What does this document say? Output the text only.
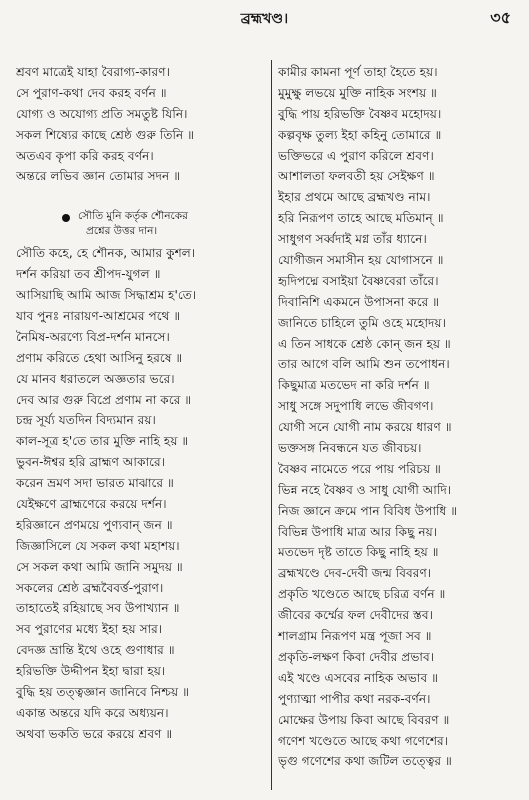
ব্রহ্মখণ্ড।	৩৫
শ্রবণ মাত্রেই যাহা বৈরাগ্য-কারণ।
সে পুরাণ-কথা দেব করহ বর্ণন ॥
যোগ্য ও অযোগ্য প্রতি সমতুষ্ট যিনি।
সকল শিষ্যের কাছে শ্রেষ্ঠ গুরু তিনি ॥
অতএব কৃপা করি করহ বর্ণন।
অন্তরে লভিব জ্ঞান তোমার সদন ॥
সৌতি মুনি কর্তৃক শৌনকের
প্রশ্নের উত্তর দান।
সৌতি কহে, হে শৌনক, আমার কুশল।
দর্শন করিয়া তব শ্রীপদ-যুগল ॥
আসিয়াছি আমি আজ সিদ্ধাশ্রম হ'তে।
যাব পুনঃ নারায়ণ-আশ্রমের পথে ॥
নৈমিষ-অরণ্যে বিপ্র-দর্শন মানসে।
প্রণাম করিতে হেথা আসিনু হরষে ॥
যে মানব ধরাতলে অজ্ঞতার ভরে।
দেব আর গুরু বিপ্রে প্রণাম না করে ॥
চন্দ্র সূর্য্য যতদিন বিদ্যমান রয়।
কাল-সূত্র হ'তে তার মুক্তি নাহি হয় ॥
ভুবন-ঈশ্বর হরি ব্রাহ্মণ আকারে।
করেন ভ্রমণ সদা ভারত মাঝারে ॥
যেইক্ষণে ব্রাহ্মণেরে করয়ে দর্শন।
হরিজ্ঞানে প্রণময়ে পুণ্যবান্ জন ॥
জিজ্ঞাসিলে যে সকল কথা মহাশয়।
সে সকল কথা আমি জানি সমুদয় ॥
সকলের শ্রেষ্ঠ ব্রহ্মবৈবর্ত্ত-পুরাণ।
তাহাতেই রহিয়াছে সব উপাখ্যান ॥
সব পুরাণের মধ্যে ইহা হয় সার।
বেদজ্ঞ ভ্রান্তি ইথে ওহে গুণাধার ॥
হরিভক্তি উদ্দীপন ইহা দ্বারা হয়।
বুদ্ধি হয় তত্ত্বজ্ঞান জানিবে নিশ্চয় ॥
একান্ত অন্তরে যদি করে অধ্যয়ন।
অথবা ভকতি ভরে করয়ে শ্রবণ ॥
কামীর কামনা পূর্ণ তাহা হৈতে হয়।
মুমুক্ষু লভয়ে মুক্তি নাহিক সংশয় ॥
বুদ্ধি পায় হরিভক্তি বৈষ্ণব মহোদয়।
কল্পবৃক্ষ তুল্য ইহা কহিনু তোমারে ॥
ভক্তিভরে এ পুরাণ করিলে শ্রবণ।
আশালতা ফলবতী হয় সেইক্ষণ ॥
ইহার প্রথমে আছে ব্রহ্মখণ্ড নাম।
হরি নিরূপণ তাহে আছে মতিমান্ ॥
সাধুগণ সর্ব্বদাই মগ্ন তাঁর ধ্যানে।
যোগীজন সমাসীন হয় যোগাসনে ॥
হৃদিপদ্মে বসাইয়া বৈষ্ণবেরা তাঁরে।
দিবানিশি একমনে উপাসনা করে ॥
জানিতে চাহিলে তুমি ওহে মহোদয়।
এ তিন সাধকে শ্রেষ্ঠ কোন্ জন হয় ॥
তার আগে বলি আমি শুন তপোধন।
কিছুমাত্র মতভেদ না করি দর্শন ॥
সাধু সঙ্গে সদুপাধি লভে জীবগণ।
যোগী সনে যোগী নাম করয়ে ধারণ ॥
ভক্তসঙ্গ নিবন্ধনে যত জীবচয়।
বৈষ্ণব নামেতে পরে পায় পরিচয় ॥
ভিন্ন নহে বৈষ্ণব ও সাধু যোগী আদি।
নিজ জ্ঞানে ক্রমে পান বিবিধ উপাধি ॥
বিভিন্ন উপাধি মাত্র আর কিছু নয়।
মতভেদ দৃষ্ট তাতে কিছু নাহি হয় ॥
ব্রহ্মখণ্ডে দেব-দেবী জন্ম বিবরণ।
প্রকৃতি খণ্ডেতে আছে চরিত্র বর্ণন ॥
জীবের কর্ম্মের ফল দেবীদের স্তব।
শালগ্রাম নিরূপণ মন্ত্র পূজা সব ॥
প্রকৃতি-লক্ষণ কিবা দেবীর প্রভাব।
এই খণ্ডে এসবের নাহিক অভাব ॥
পুণ্যাত্মা পাপীর কথা নরক-বর্ণন।
মোক্ষের উপায় কিবা আছে বিবরণ ॥
গণেশ খণ্ডেতে আছে কথা গণেশের।
ভৃগু গণেশের কথা জটিল তত্ত্বের ॥
